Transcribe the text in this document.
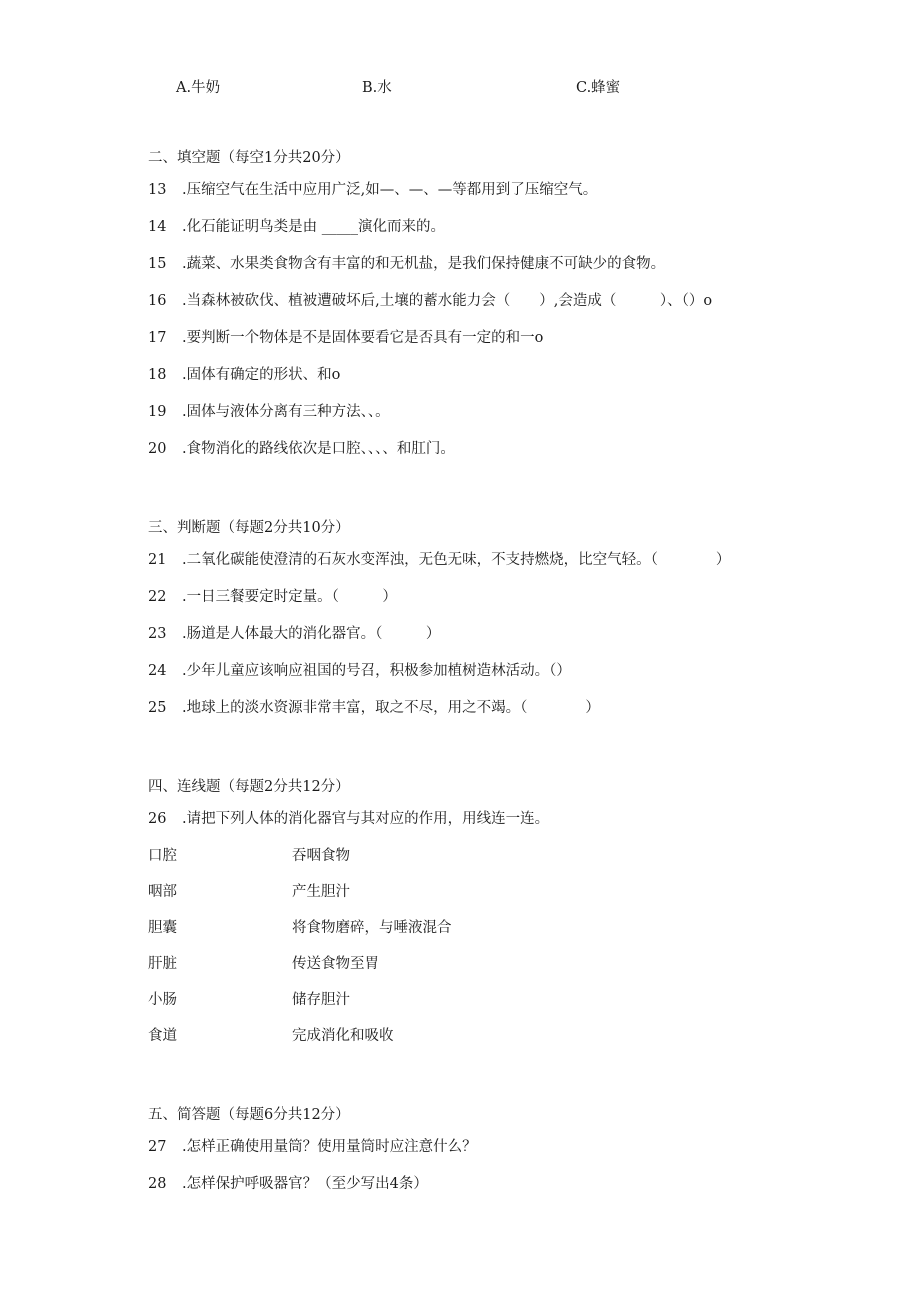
A.牛奶	B.水	C.蜂蜜
二、填空题（每空1分共20分）
13 .压缩空气在生活中应用广泛,如—、—、—等都用到了压缩空气。
14 .化石能证明鸟类是由 _____演化而来的。
15 .蔬菜、水果类食物含有丰富的和无机盐，是我们保持健康不可缺少的食物。
16 .当森林被砍伐、植被遭破坏后,土壤的蓄水能力会（　　）,会造成（　　　）、（）o
17 .要判断一个物体是不是固体要看它是否具有一定的和一o
18 .固体有确定的形状、和o
19 .固体与液体分离有三种方法、、。
20 .食物消化的路线依次是口腔、、、、和肛门。
三、判断题（每题2分共10分）
21 .二氧化碳能使澄清的石灰水变浑浊，无色无味，不支持燃烧，比空气轻。（　　　　）
22 .一日三餐要定时定量。（　　　）
23 .肠道是人体最大的消化器官。（　　　）
24 .少年儿童应该响应祖国的号召，积极参加植树造林活动。（）
25 .地球上的淡水资源非常丰富，取之不尽，用之不竭。（　　　　）
四、连线题（每题2分共12分）
26 .请把下列人体的消化器官与其对应的作用，用线连一连。
口腔	吞咽食物
咽部	产生胆汁
胆囊	将食物磨碎，与唾液混合
肝脏	传送食物至胃
小肠	储存胆汁
食道	完成消化和吸收
五、简答题（每题6分共12分）
27 .怎样正确使用量筒？使用量筒时应注意什么？
28 .怎样保护呼吸器官？（至少写出4条）
